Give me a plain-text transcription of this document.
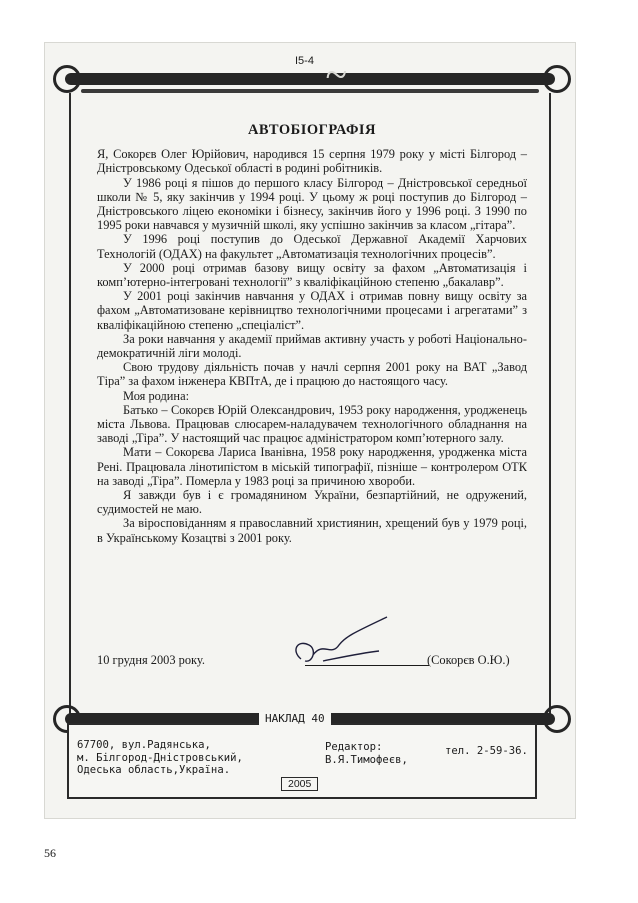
~
I5-4
АВТОБІОГРАФІЯ

Я, Сокорєв Олег Юрійович, народився 15 серпня 1979 року у місті Білгород – Дністровському Одеської області в родині робітників.

У 1986 році я пішов до першого класу Білгород – Дністровської середньої школи № 5, яку закінчив у 1994 році. У цьому ж році поступив до Білгород – Дністровського ліцею економіки і бізнесу, закінчив його у 1996 році. З 1990 по 1995 роки навчався у музичній школі, яку успішно закінчив за класом „гітара”.

У 1996 році поступив до Одеської Державної Академії Харчових Технологій (ОДАХ) на факультет „Автоматизація технологічних процесів”.

У 2000 році отримав базову вищу освіту за фахом „Автоматизація і комп’ютерно-інтегровані технології” з кваліфікаційною степеню „бакалавр”.

У 2001 році закінчив навчання у ОДАХ і отримав повну вищу освіту за фахом „Автоматизоване керівництво технологічними процесами і агрегатами” з кваліфікаційною степеню „спеціаліст”.

За роки навчання у академії приймав активну участь у роботі Національно-демократичній ліги молоді.

Свою трудову діяльність почав у начлі серпня 2001 року на ВАТ „Завод Тіра” за фахом інженера КВПтА, де і працюю до настоящого часу.

Моя родина:

Батько – Сокорєв Юрій Олександрович, 1953 року народження, уродженець міста Львова. Працював слюсарем-наладувачем технологічного обладнання на заводі „Тіра”. У настоящий час працює адміністратором комп’ютерного залу.

Мати – Сокорєва Лариса Іванівна, 1958 року народження, уродженка міста Рені. Працювала лінотипістом в міській типографії, пізніше – контролером ОТК на заводі „Тіра”. Померла у 1983 році за причиною хвороби.

Я завжди був і є громадянином України, безпартійний, не одружений, судимостей не маю.

За віросповіданням я православний християнин, хрещений був у 1979 році, в Українському Козацтві з 2001 року.

10 грудня 2003 року.	(Сокорєв О.Ю.)
НАКЛАД 40
67700, вул.Радянська,
м. Білгород-Дністровський,
Одеська область,Україна.
Редактор:
В.Я.Тимофеєв,
тел. 2-59-36.
2005
56
